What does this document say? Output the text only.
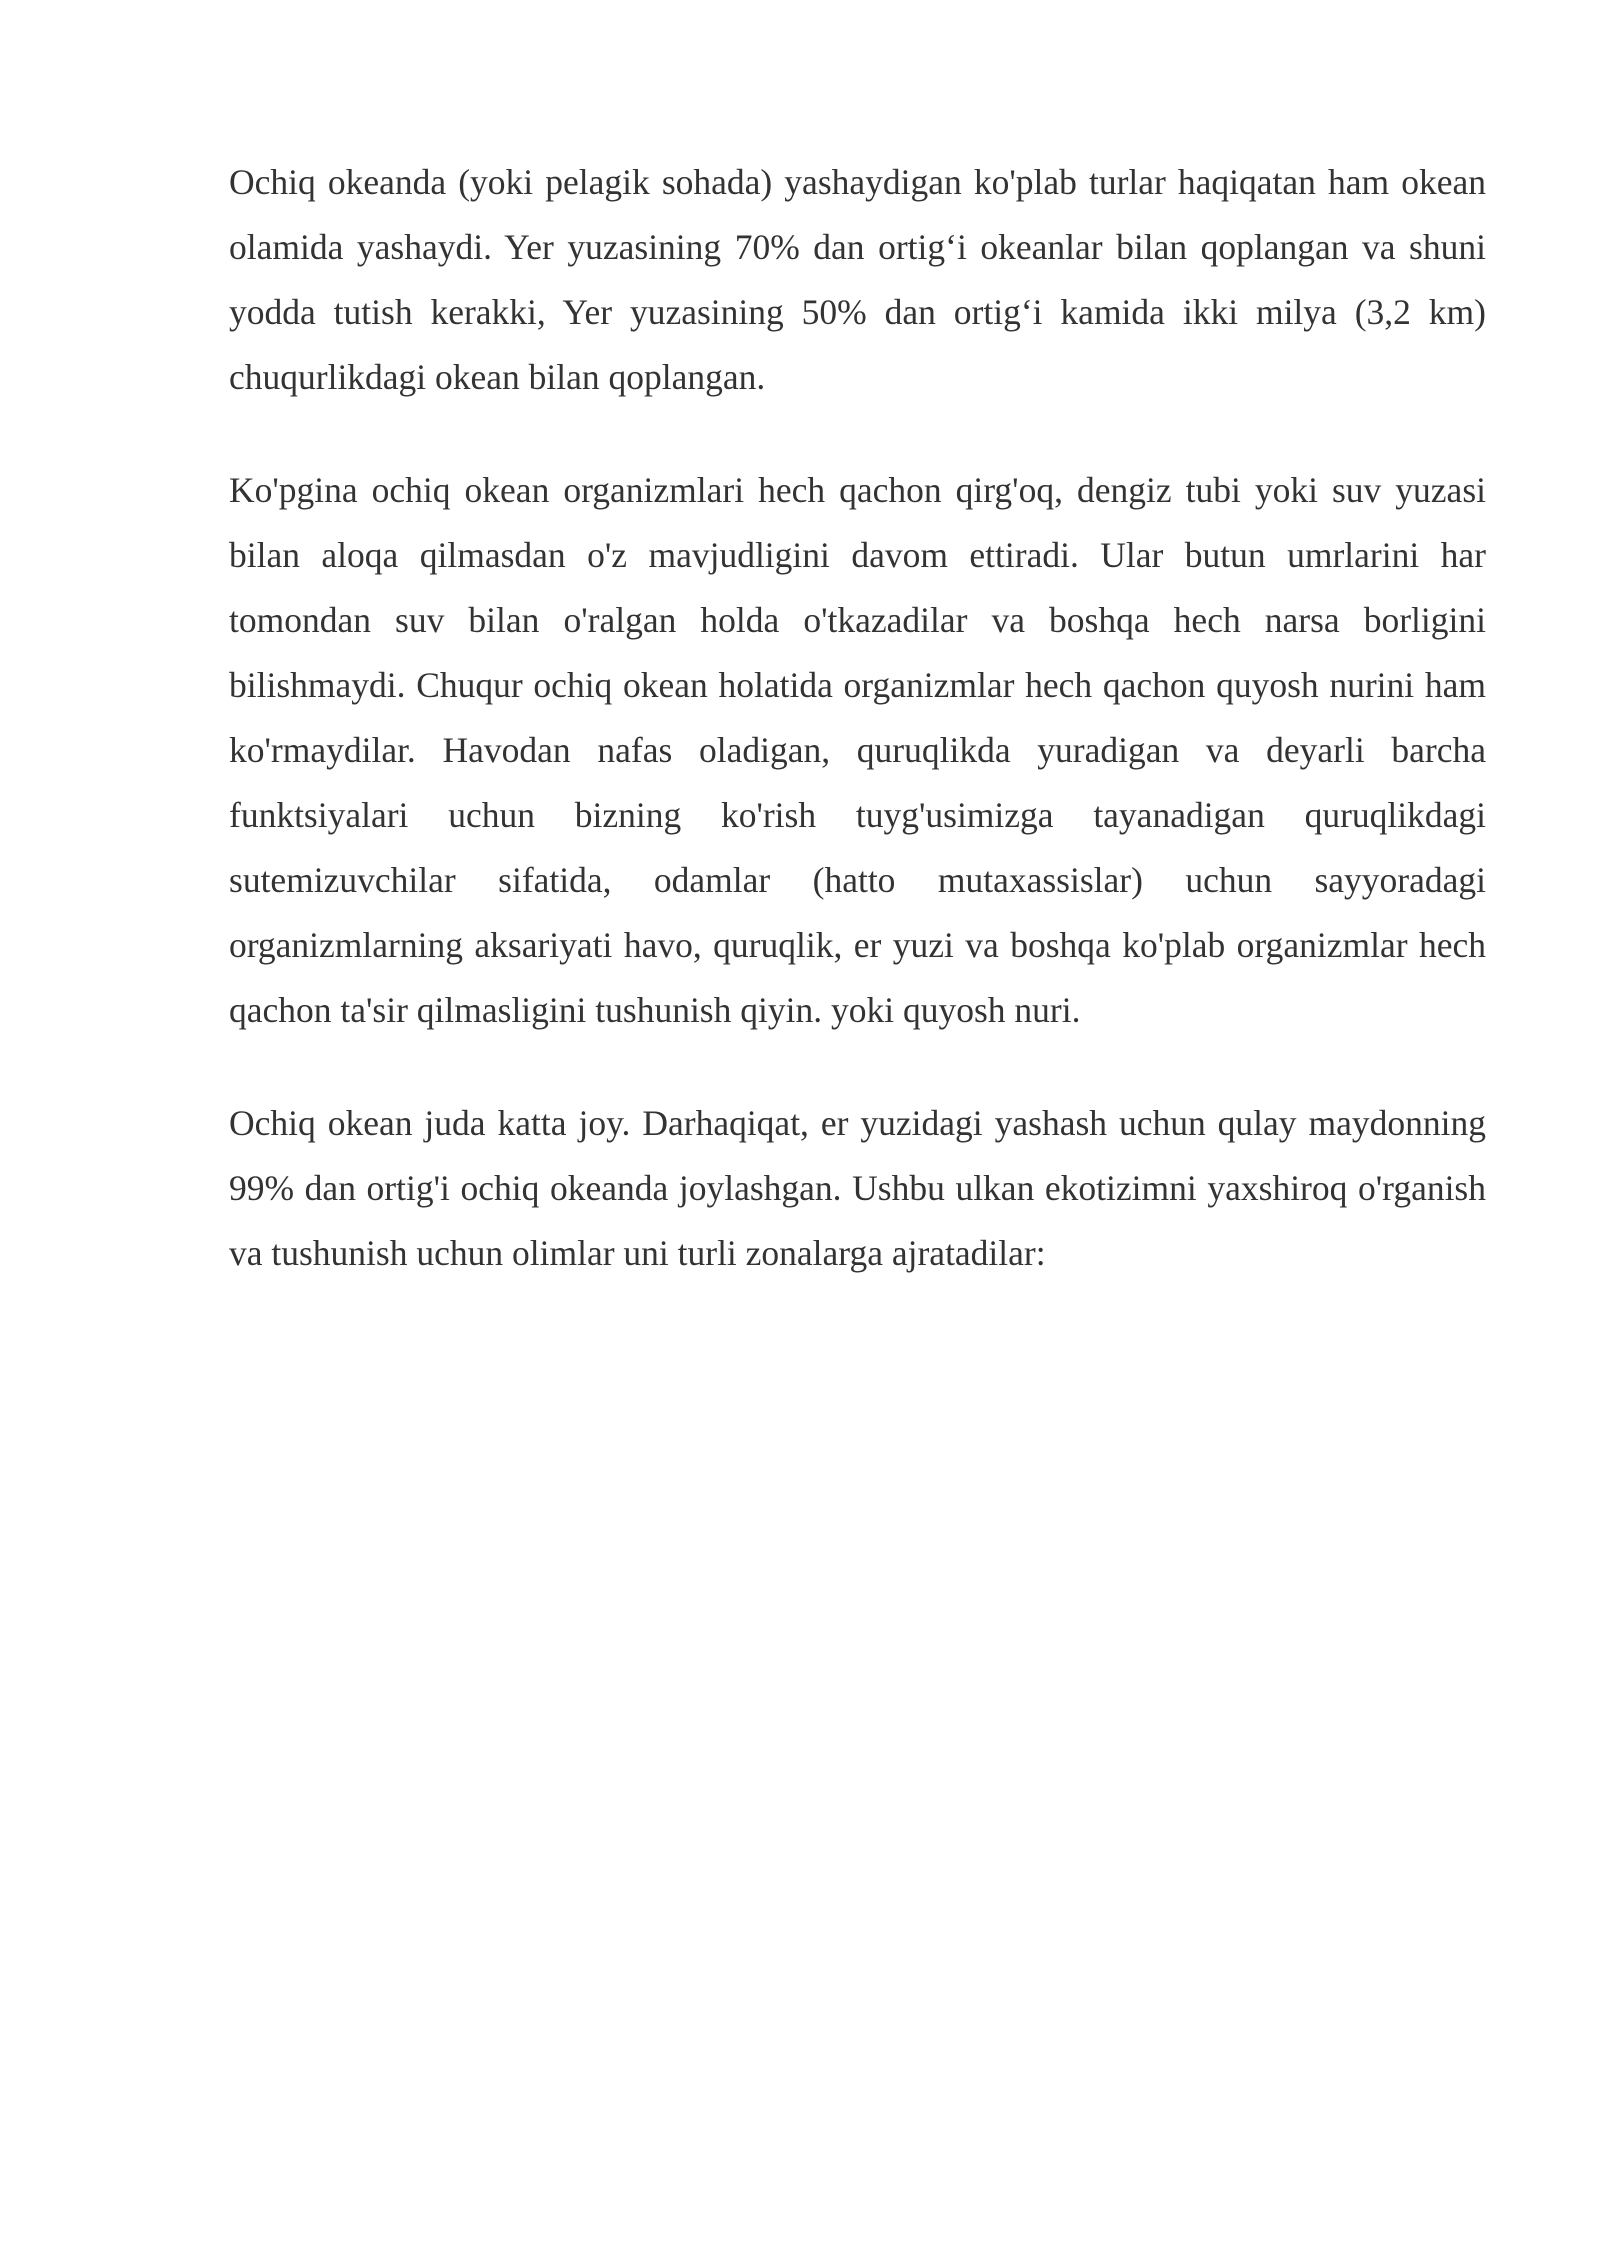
Ochiq okeanda (yoki pelagik sohada) yashaydigan ko'plab turlar haqiqatan ham okean olamida yashaydi. Yer yuzasining 70% dan ortig‘i okeanlar bilan qoplangan va shuni yodda tutish kerakki, Yer yuzasining 50% dan ortig‘i kamida ikki milya (3,2 km) chuqurlikdagi okean bilan qoplangan.

Ko'pgina ochiq okean organizmlari hech qachon qirg'oq, dengiz tubi yoki suv yuzasi bilan aloqa qilmasdan o'z mavjudligini davom ettiradi. Ular butun umrlarini har tomondan suv bilan o'ralgan holda o'tkazadilar va boshqa hech narsa borligini bilishmaydi. Chuqur ochiq okean holatida organizmlar hech qachon quyosh nurini ham ko'rmaydilar. Havodan nafas oladigan, quruqlikda yuradigan va deyarli barcha funktsiyalari uchun bizning ko'rish tuyg'usimizga tayanadigan quruqlikdagi sutemizuvchilar sifatida, odamlar (hatto mutaxassislar) uchun sayyoradagi organizmlarning aksariyati havo, quruqlik, er yuzi va boshqa ko'plab organizmlar hech qachon ta'sir qilmasligini tushunish qiyin. yoki quyosh nuri.

Ochiq okean juda katta joy. Darhaqiqat, er yuzidagi yashash uchun qulay maydonning 99% dan ortig'i ochiq okeanda joylashgan. Ushbu ulkan ekotizimni yaxshiroq o'rganish va tushunish uchun olimlar uni turli zonalarga ajratadilar:
